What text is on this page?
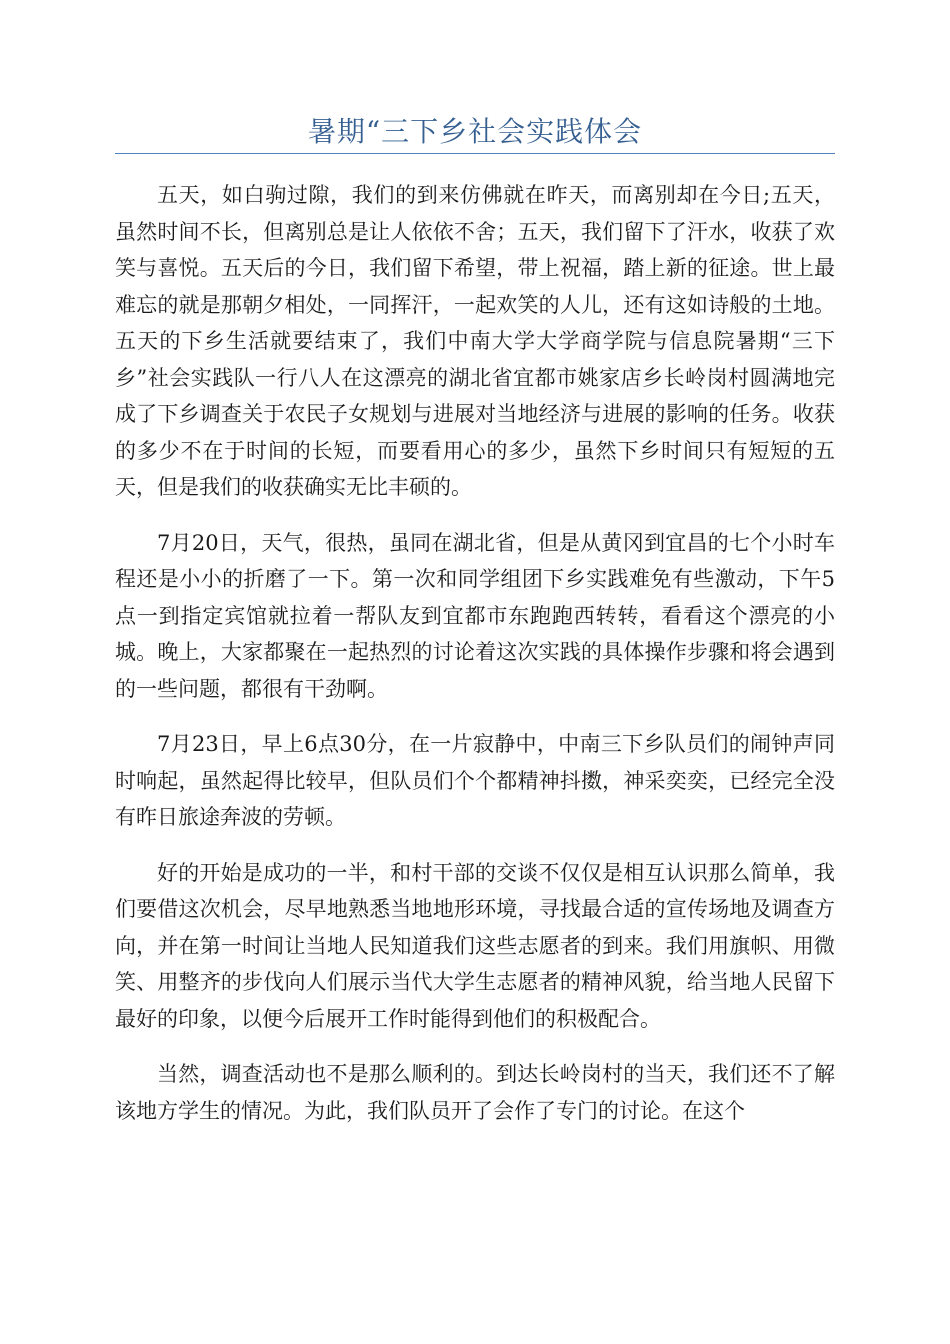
暑期“三下乡社会实践体会

五天，如白驹过隙，我们的到来仿佛就在昨天，而离别却在今日;五天，虽然时间不长，但离别总是让人依依不舍；五天，我们留下了汗水，收获了欢笑与喜悦。五天后的今日，我们留下希望，带上祝福，踏上新的征途。世上最难忘的就是那朝夕相处，一同挥汗，一起欢笑的人儿，还有这如诗般的土地。五天的下乡生活就要结束了，我们中南大学大学商学院与信息院暑期“三下乡”社会实践队一行八人在这漂亮的湖北省宜都市姚家店乡长岭岗村圆满地完成了下乡调查关于农民子女规划与进展对当地经济与进展的影响的任务。收获的多少不在于时间的长短，而要看用心的多少，虽然下乡时间只有短短的五天，但是我们的收获确实无比丰硕的。

7月20日，天气，很热，虽同在湖北省，但是从黄冈到宜昌的七个小时车程还是小小的折磨了一下。第一次和同学组团下乡实践难免有些激动，下午5点一到指定宾馆就拉着一帮队友到宜都市东跑跑西转转，看看这个漂亮的小城。晚上，大家都聚在一起热烈的讨论着这次实践的具体操作步骤和将会遇到的一些问题，都很有干劲啊。

7月23日，早上6点30分，在一片寂静中，中南三下乡队员们的闹钟声同时响起，虽然起得比较早，但队员们个个都精神抖擞，神采奕奕，已经完全没有昨日旅途奔波的劳顿。

好的开始是成功的一半，和村干部的交谈不仅仅是相互认识那么简单，我们要借这次机会，尽早地熟悉当地地形环境，寻找最合适的宣传场地及调查方向，并在第一时间让当地人民知道我们这些志愿者的到来。我们用旗帜、用微笑、用整齐的步伐向人们展示当代大学生志愿者的精神风貌，给当地人民留下最好的印象，以便今后展开工作时能得到他们的积极配合。

当然，调查活动也不是那么顺利的。到达长岭岗村的当天，我们还不了解该地方学生的情况。为此，我们队员开了会作了专门的讨论。在这个
